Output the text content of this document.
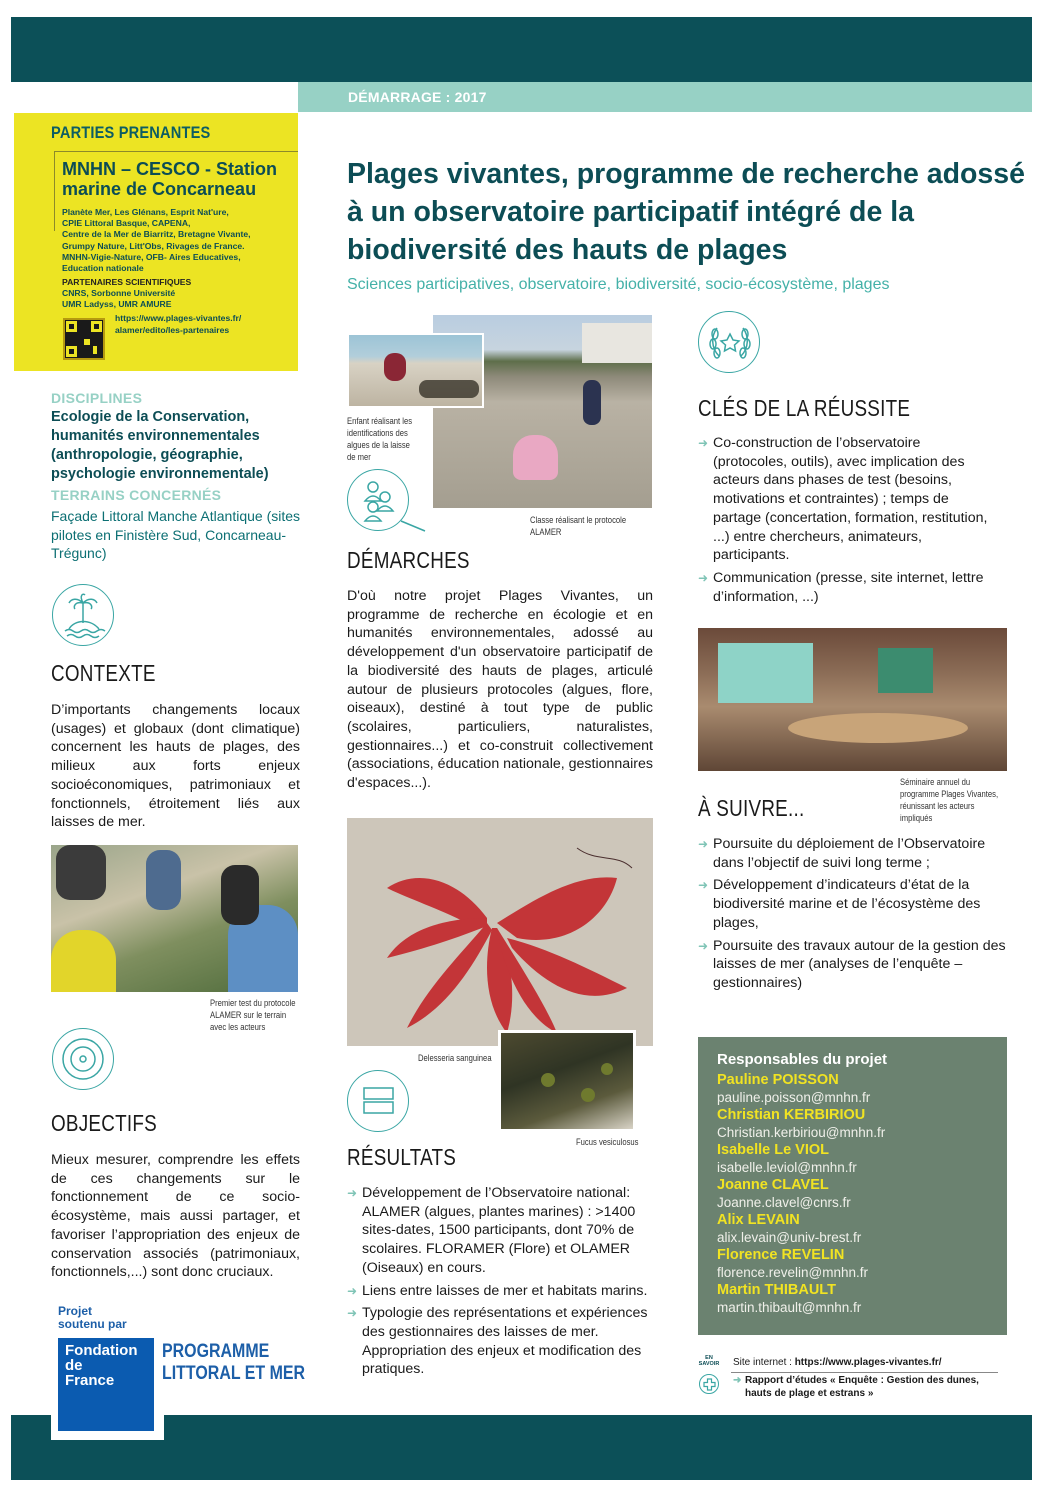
DÉMARRAGE : 2017
PARTIES PRENANTES
MNHN – CESCO - Station marine de Concarneau
Planète Mer, Les Glénans, Esprit Nat'ure,
CPIE Littoral Basque, CAPENA,
Centre de la Mer de Biarritz, Bretagne Vivante,
Grumpy Nature, Litt'Obs, Rivages de France.
MNHN-Vigie-Nature, OFB- Aires Educatives,
Education nationale
PARTENAIRES SCIENTIFIQUES
CNRS, Sorbonne Université
UMR Ladyss, UMR AMURE
https://www.plages-vivantes.fr/
alamer/edito/les-partenaires
Plages vivantes, programme de recherche adossé à un observatoire participatif intégré de la biodiversité des hauts de plages
Sciences participatives, observatoire, biodiversité, socio-écosystème, plages
DISCIPLINES
Ecologie de la Conservation, humanités environnementales (anthropologie, géographie, psychologie environnementale)
TERRAINS CONCERNÉS
Façade Littoral Manche Atlantique (sites pilotes en Finistère Sud, Concarneau-Trégunc)
CONTEXTE
D’importants changements locaux (usages) et globaux (dont climatique) concernent les hauts de plages, des milieux aux forts enjeux socioéconomiques, patrimoniaux et fonctionnels, étroitement liés aux laisses de mer.
Premier test du protocole ALAMER sur le terrain avec les acteurs
OBJECTIFS
Mieux mesurer, comprendre les effets de ces changements sur le fonctionnement de ce socio-écosystème, mais aussi partager, et favoriser l’appropriation des enjeux de conservation associés (patrimoniaux, fonctionnels,...) sont donc cruciaux.
Projet
soutenu par
Fondation
de
France
PROGRAMME
LITTORAL ET MER
Enfant réalisant les identifications des algues de la laisse de mer
Classe réalisant le protocole ALAMER
DÉMARCHES
D'où notre projet Plages Vivantes, un programme de recherche en écologie et en humanités environnementales, adossé au développement d'un observatoire participatif de la biodiversité des hauts de plages, articulé autour de plusieurs protocoles (algues, flore, oiseaux), destiné à tout type de public (scolaires, particuliers, naturalistes, gestionnaires...) et co-construit collectivement (associations, éducation nationale, gestionnaires d'espaces...).
Delesseria sanguinea
Fucus vesiculosus
RÉSULTATS
➜ Développement de l’Observatoire national: ALAMER (algues, plantes marines) : >1400 sites-dates, 1500 participants, dont 70% de scolaires. FLORAMER (Flore) et OLAMER (Oiseaux) en cours.
➜ Liens entre laisses de mer et habitats marins.
➜ Typologie des représentations et expériences des gestionnaires des laisses de mer. Appropriation des enjeux et modification des pratiques.
CLÉS DE LA RÉUSSITE
➜ Co-construction de l’observatoire (protocoles, outils), avec implication des acteurs dans phases de test (besoins, motivations et contraintes) ; temps de partage (concertation, formation, restitution, ...) entre chercheurs, animateurs, participants.
➜ Communication (presse, site internet, lettre d’information, ...)
Séminaire annuel du programme Plages Vivantes, réunissant les acteurs impliqués
À SUIVRE...
➜ Poursuite du déploiement de l’Observatoire dans l’objectif de suivi long terme ;
➜ Développement d’indicateurs d’état de la biodiversité marine et de l’écosystème des plages,
➜ Poursuite des travaux autour de la gestion des laisses de mer (analyses de l’enquête – gestionnaires)
Responsables du projet
Pauline POISSON
pauline.poisson@mnhn.fr
Christian KERBIRIOU
Christian.kerbiriou@mnhn.fr
Isabelle Le VIOL
isabelle.leviol@mnhn.fr
Joanne CLAVEL
Joanne.clavel@cnrs.fr
Alix LEVAIN
alix.levain@univ-brest.fr
Florence REVELIN
florence.revelin@mnhn.fr
Martin THIBAULT
martin.thibault@mnhn.fr
EN
SAVOIR Site internet : https://www.plages-vivantes.fr/
➜ Rapport d’études « Enquête : Gestion des dunes, hauts de plage et estrans »
